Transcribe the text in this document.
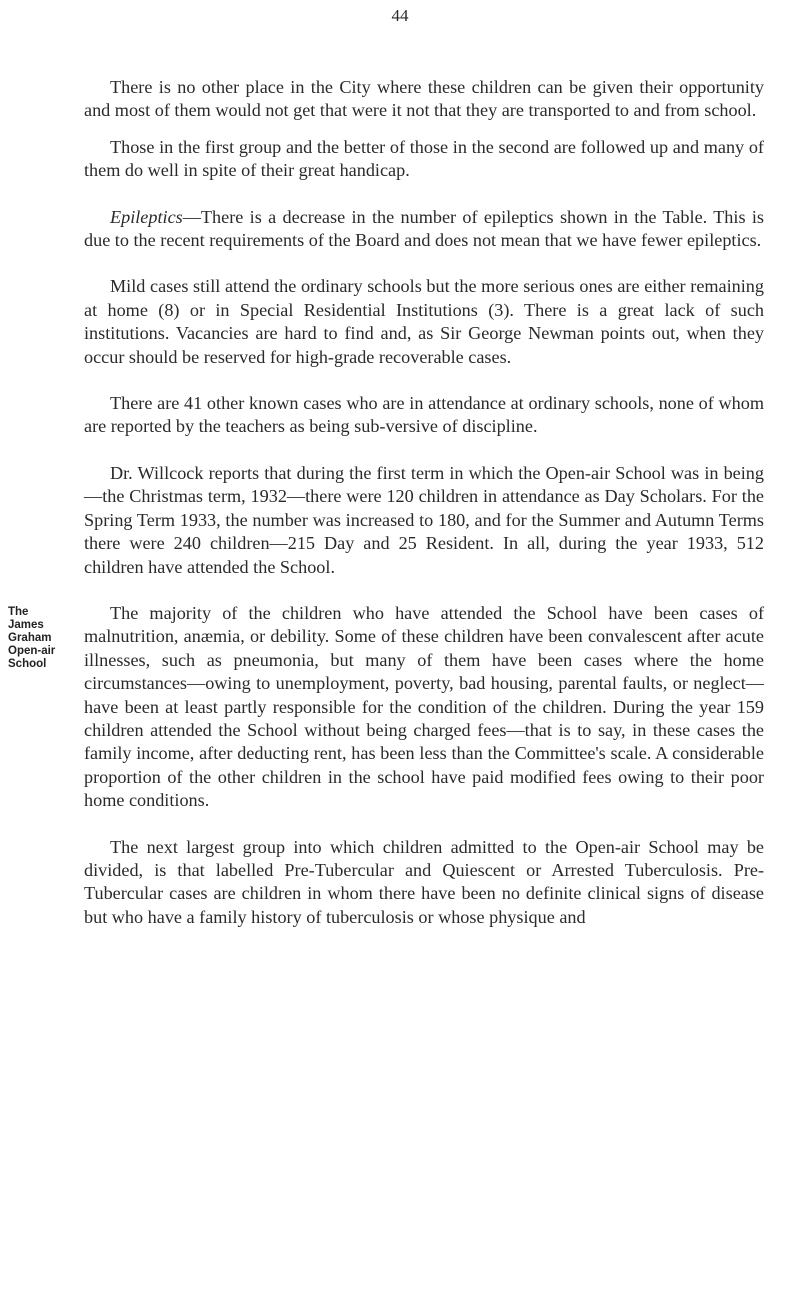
44
The
James Graham
Open-air School

There is no other place in the City where these children can be given their opportunity and most of them would not get that were it not that they are transported to and from school.

Those in the first group and the better of those in the second are followed up and many of them do well in spite of their great handicap.

Epileptics—There is a decrease in the number of epileptics shown in the Table. This is due to the recent requirements of the Board and does not mean that we have fewer epileptics.

Mild cases still attend the ordinary schools but the more serious ones are either remaining at home (8) or in Special Residential Institutions (3). There is a great lack of such institutions. Vacancies are hard to find and, as Sir George Newman points out, when they occur should be reserved for high-grade recoverable cases.

There are 41 other known cases who are in attendance at ordinary schools, none of whom are reported by the teachers as being sub-versive of discipline.

Dr. Willcock reports that during the first term in which the Open-air School was in being—the Christmas term, 1932—there were 120 children in attendance as Day Scholars. For the Spring Term 1933, the number was increased to 180, and for the Summer and Autumn Terms there were 240 children—215 Day and 25 Resident. In all, during the year 1933, 512 children have attended the School.

The majority of the children who have attended the School have been cases of malnutrition, anæmia, or debility. Some of these children have been convalescent after acute illnesses, such as pneumonia, but many of them have been cases where the home circumstances—owing to unemployment, poverty, bad housing, parental faults, or neglect—have been at least partly responsible for the condition of the children. During the year 159 children attended the School without being charged fees—that is to say, in these cases the family income, after deducting rent, has been less than the Committee's scale. A considerable proportion of the other children in the school have paid modified fees owing to their poor home conditions.

The next largest group into which children admitted to the Open-air School may be divided, is that labelled Pre-Tubercular and Quiescent or Arrested Tuberculosis. Pre-Tubercular cases are children in whom there have been no definite clinical signs of disease but who have a family history of tuberculosis or whose physique and
